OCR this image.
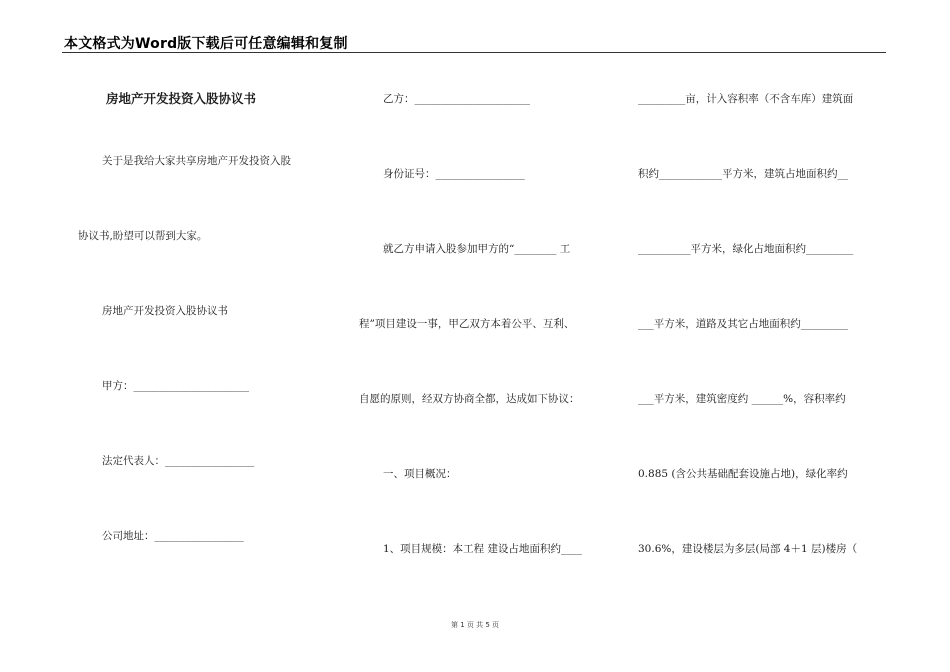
本文格式为Word版下载后可任意编辑和复制
房地产开发投资入股协议书
关于是我给大家共享房地产开发投资入股
协议书,盼望可以帮到大家。
房地产开发投资入股协议书
甲方：______________________
法定代表人：_________________
公司地址：_________________
乙方：______________________
身份证号：_________________
就乙方申请入股参加甲方的“________ 工
程”项目建设一事，甲乙双方本着公平、互利、
自愿的原则，经双方协商全都，达成如下协议：
一、项目概况：
1、项目规模：本工程 建设占地面积约____
_________亩，计入容积率（不含车库）建筑面
积约____________平方米，建筑占地面积约__
__________平方米，绿化占地面积约_________
___平方米，道路及其它占地面积约_________
___平方米，建筑密度约 ______%，容积率约
0.885 (含公共基础配套设施占地)，绿化率约
30.6%，建设楼层为多层(局部 4＋1 层)楼房（
第 1 页 共 5 页
